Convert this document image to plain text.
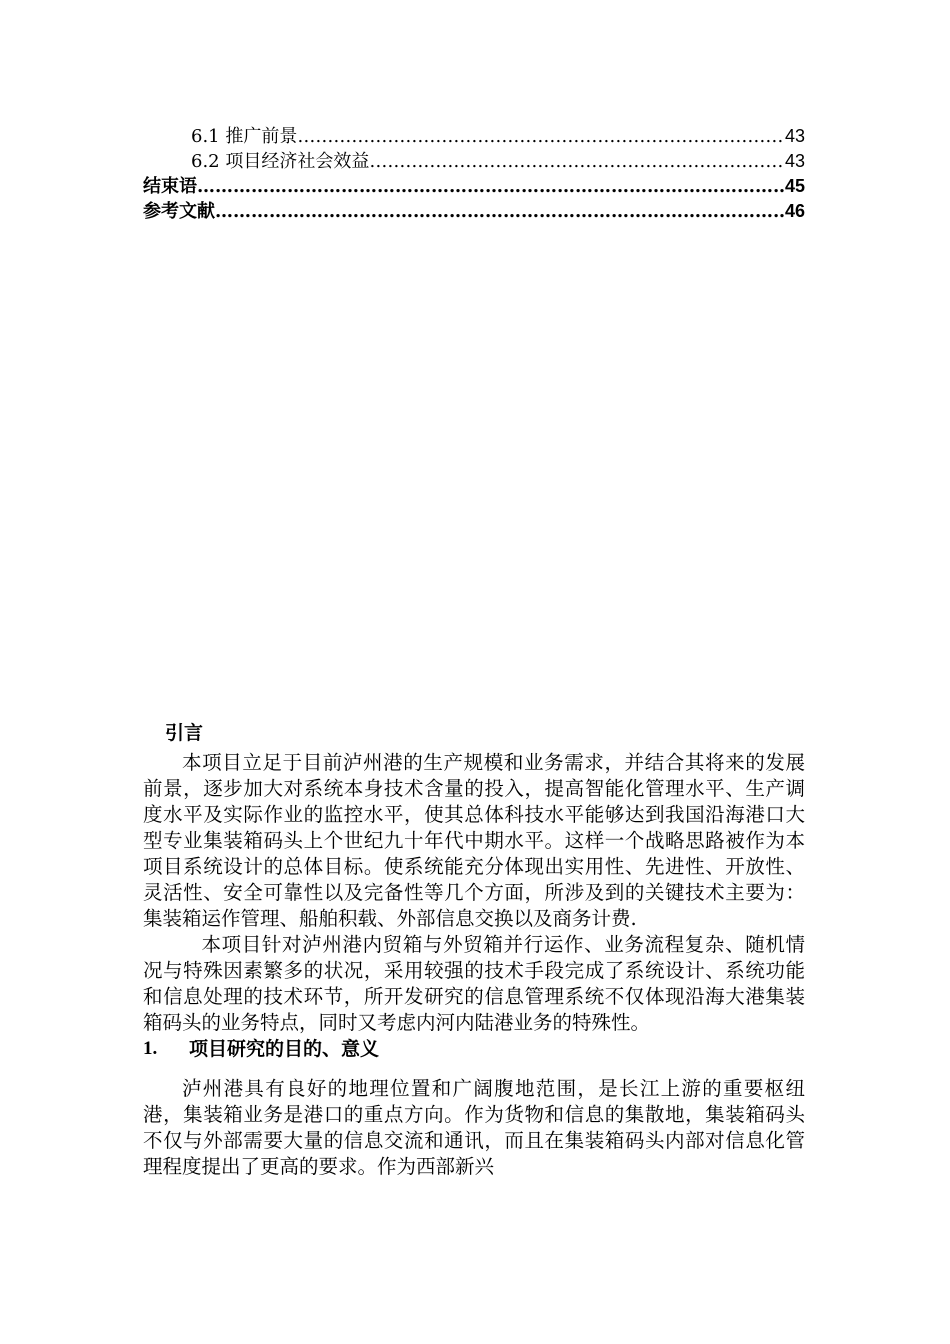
6.1 推广前景 ……………………………………………………………………………………………………………………………………	43
6.2 项目经济社会效益 ……………………………………………………………………………………………………………………………………	43
结束语 ……………………………………………………………………………………………………………………………………	45
参考文献 ……………………………………………………………………………………………………………………………………	46
引言

本项目立足于目前泸州港的生产规模和业务需求，并结合其将来的发展前景，逐步加大对系统本身技术含量的投入，提高智能化管理水平、生产调度水平及实际作业的监控水平，使其总体科技水平能够达到我国沿海港口大型专业集装箱码头上个世纪九十年代中期水平。这样一个战略思路被作为本项目系统设计的总体目标。使系统能充分体现出实用性、先进性、开放性、灵活性、安全可靠性以及完备性等几个方面，所涉及到的关键技术主要为：集装箱运作管理、船舶积载、外部信息交换以及商务计费.

本项目针对泸州港内贸箱与外贸箱并行运作、业务流程复杂、随机情况与特殊因素繁多的状况，采用较强的技术手段完成了系统设计、系统功能和信息处理的技术环节，所开发研究的信息管理系统不仅体现沿海大港集装箱码头的业务特点，同时又考虑内河内陆港业务的特殊性。

1.	项目研究的目的、意义

泸州港具有良好的地理位置和广阔腹地范围，是长江上游的重要枢纽港，集装箱业务是港口的重点方向。作为货物和信息的集散地，集装箱码头不仅与外部需要大量的信息交流和通讯，而且在集装箱码头内部对信息化管理程度提出了更高的要求。作为西部新兴
